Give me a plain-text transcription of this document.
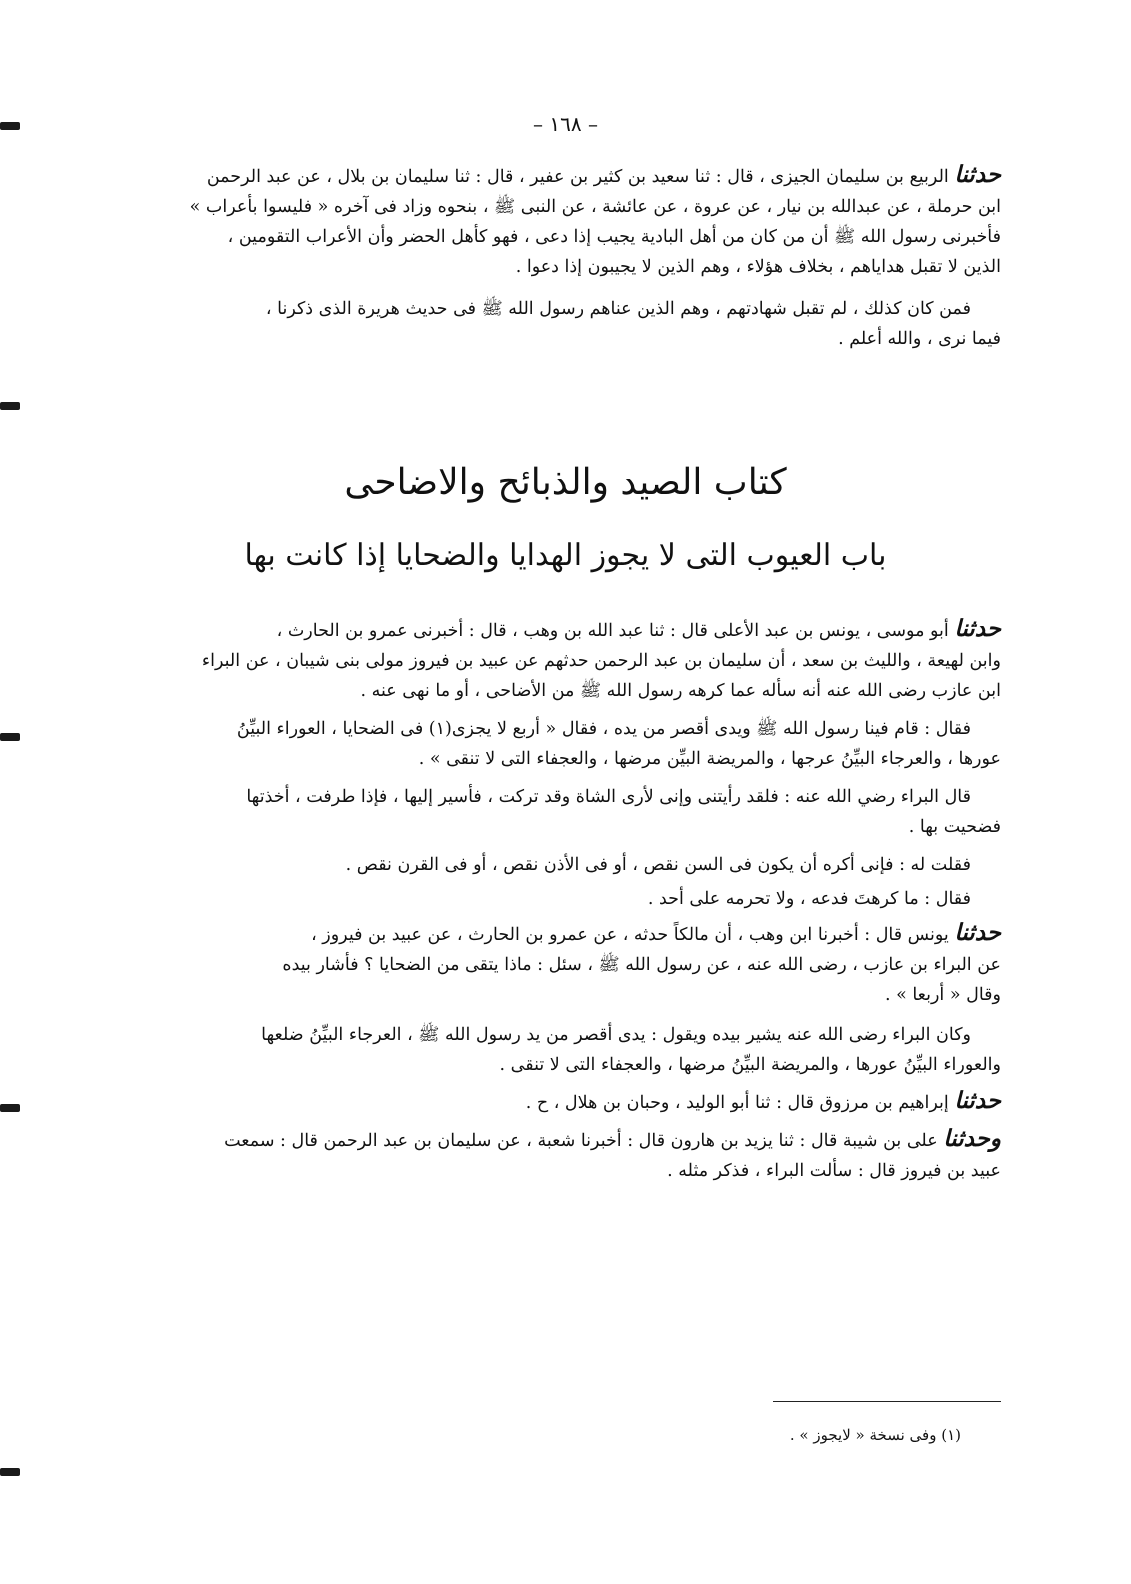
– ١٦٨ –
حدثنا الربيع بن سليمان الجيزى ، قال : ثنا سعيد بن كثير بن عفير ، قال : ثنا سليمان بن بلال ، عن عبد الرحمن
ابن حرملة ، عن عبدالله بن نيار ، عن عروة ، عن عائشة ، عن النبى ﷺ ، بنحوه وزاد فى آخره « فليسوا بأعراب »
فأخبرنى رسول الله ﷺ أن من كان من أهل البادية يجيب إذا دعى ، فهو كأهل الحضر وأن الأعراب التقومين ،
الذين لا تقبل هداياهم ، بخلاف هؤلاء ، وهم الذين لا يجيبون إذا دعوا .
فمن كان كذلك ، لم تقبل شهادتهم ، وهم الذين عناهم رسول الله ﷺ فى حديث هريرة الذى ذكرنا ،
فيما نرى ، والله أعلم .
كتاب الصيد والذبائح والاضاحى
باب العيوب التى لا يجوز الهدايا والضحايا إذا كانت بها
حدثنا أبو موسى ، يونس بن عبد الأعلى قال : ثنا عبد الله بن وهب ، قال : أخبرنى عمرو بن الحارث ،
وابن لهيعة ، والليث بن سعد ، أن سليمان بن عبد الرحمن حدثهم عن عبيد بن فيروز مولى بنى شيبان ، عن البراء
ابن عازب رضى الله عنه أنه سأله عما كرهه رسول الله ﷺ من الأضاحى ، أو ما نهى عنه .
فقال : قام فينا رسول الله ﷺ ويدى أقصر من يده ، فقال « أربع لا يجزى(١) فى الضحايا ، العوراء البيِّنُ
عورها ، والعرجاء البيِّنُ عرجها ، والمريضة البيِّن مرضها ، والعجفاء التى لا تنقى » .
قال البراء رضي الله عنه : فلقد رأيتنى وإنى لأرى الشاة وقد تركت ، فأسير إليها ، فإذا طرفت ، أخذتها
فضحيت بها .
فقلت له : فإنى أكره أن يكون فى السن نقص ، أو فى الأذن نقص ، أو فى القرن نقص .
فقال : ما كرهتَ فدعه ، ولا تحرمه على أحد .
حدثنا يونس قال : أخبرنا ابن وهب ، أن مالكاً حدثه ، عن عمرو بن الحارث ، عن عبيد بن فيروز ،
عن البراء بن عازب ، رضى الله عنه ، عن رسول الله ﷺ ، سئل : ماذا يتقى من الضحايا ؟ فأشار بيده
وقال « أربعا » .
وكان البراء رضى الله عنه يشير بيده ويقول : يدى أقصر من يد رسول الله ﷺ ، العرجاء البيِّنُ ضلعها
والعوراء البيِّنُ عورها ، والمريضة البيِّنُ مرضها ، والعجفاء التى لا تنقى .
حدثنا إبراهيم بن مرزوق قال : ثنا أبو الوليد ، وحبان بن هلال ، ح .
وحدثنا على بن شيبة قال : ثنا يزيد بن هارون قال : أخبرنا شعبة ، عن سليمان بن عبد الرحمن قال : سمعت
عبيد بن فيروز قال : سألت البراء ، فذكر مثله .
(١) وفى نسخة « لايجوز » .
